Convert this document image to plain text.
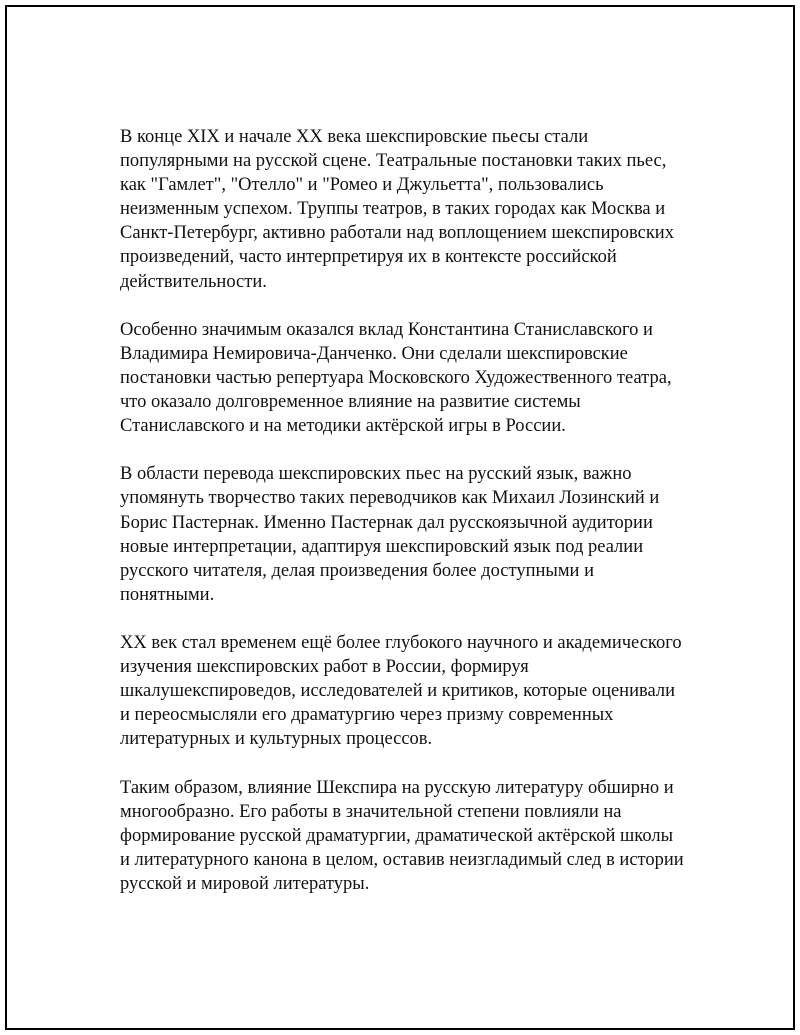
В конце XIX и начале XX века шекспировские пьесы стали
популярными на русской сцене. Театральные постановки таких пьес,
как "Гамлет", "Отелло" и "Ромео и Джульетта", пользовались
неизменным успехом. Труппы театров, в таких городах как Москва и
Санкт-Петербург, активно работали над воплощением шекспировских
произведений, часто интерпретируя их в контексте российской
действительности.

Особенно значимым оказался вклад Константина Станиславского и
Владимира Немировича-Данченко. Они сделали шекспировские
постановки частью репертуара Московского Художественного театра,
что оказало долговременное влияние на развитие системы
Станиславского и на методики актёрской игры в России.

В области перевода шекспировских пьес на русский язык, важно
упомянуть творчество таких переводчиков как Михаил Лозинский и
Борис Пастернак. Именно Пастернак дал русскоязычной аудитории
новые интерпретации, адаптируя шекспировский язык под реалии
русского читателя, делая произведения более доступными и
понятными.

XX век стал временем ещё более глубокого научного и академического
изучения шекспировских работ в России, формируя
шкалушекспироведов, исследователей и критиков, которые оценивали
и переосмысляли его драматургию через призму современных
литературных и культурных процессов.

Таким образом, влияние Шекспира на русскую литературу обширно и
многообразно. Его работы в значительной степени повлияли на
формирование русской драматургии, драматической актёрской школы
и литературного канона в целом, оставив неизгладимый след в истории
русской и мировой литературы.
